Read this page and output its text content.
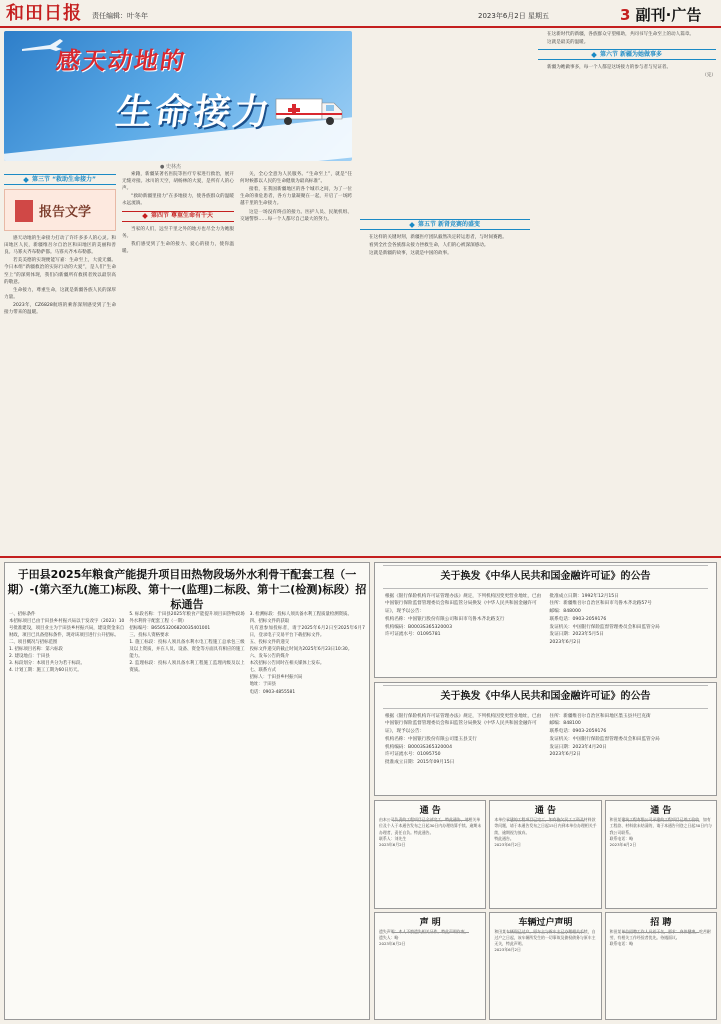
和田日报 责任编辑：叶冬年	2023年6月2日 星期五	3 副刊·广告
感天动地的
生命接力
● 史林杰
第三节 “救助生命接力”
报告文学

感天动地的生命接力打动了许许多多人的心灵。和田地区人民，新疆维吾尔自治区和田地区的美丽和善良。马寡夫齐布勒萨都。马寡夫齐木布勒都。

若美美德的实现便能写嘉：生命至上，大爱无疆。今日本组“新疆救治的实际行动的大爱”，是人们“生命至上”的深刻体现，我们向新疆所有救援者致以最崇高的敬意。

生命接力，尊重生命，这就是新疆各族人民的深厚力量。

2023年，CZ6828航班的乘客深刻感受到了生命接力带来的温暖。

索籍，新疆某著名医院等医疗专家进行救治，展开无缝对接。冰川的天空，胡杨林的大爱，是所有人的心声。

“救助新疆里接力”在多地接力，使各族群众的温暖永远流淌。

第四节 尊重生命有千天

当家的人们，远至千里之外的地方也尽全力为她服务。

我们感受到了生命的接力、爱心的接力，使你温暖。

关，全心全意为人民服务。“生命至上”，就是“任何时候都以人民的生命健康为最高标准”。

接着，在我国新疆地区的各个城市之间，为了一位生命的垂危患者，各方力量凝聚在一起，开启了一场跨越千里的生命接力。

这是一场没有终点的接力。医护人员、民航机组、交通警察……每一个人都尽自己最大的努力。

第五节 新肾竞赛的盛变

在这样的关键时刻，新疆医疗团队毅然决定转运患者，与时间赛跑。

看到全社会各族群众接力拯救生命，人们的心被深深感动。

这就是新疆的故事，这就是中国的故事。

在这新时代的新疆，各族群众守望相助，共同书写生命至上的动人篇章。

这就是最美的温暖。

第六节 新疆为她做事多

新疆为她做事多，每一个人都是这场接力的参与者与见证者。

（完）

于田县2025年粮食产能提升项目田热物段场外水利骨干配套工程（一期）-(第六至九(施工)标段、第十一(监理)二标段、第十二(检测)标段）招标通告
一、招标条件
本招标项目已由于田县乡村振兴局以于发改字（2023）10号批准建设，项目业主为于田县乡村振兴局，建设资金来自财政，项目已具备招标条件，现对该项目进行公开招标。
二、项目概况与招标范围
1. 招标项目名称：第六标段
2. 建设地点：于田县
3. 标段划分：本项目共分为若干标段。
4. 计划工期：施工工期为60日历天。
5. 标段名称：于田县2025年粮食产能提升项目田热物段场外水利骨干配套工程（一期）
招标编号：B65053206820035401001
三、投标人资格要求
1. 施工标段：投标人须具备水利水电工程施工总承包三级及以上资质，并在人员、设备、资金等方面具有相应的施工能力。
2. 监理标段：投标人须具备水利工程施工监理丙级及以上资质。
3. 检测标段：投标人须具备水利工程质量检测资质。
四、招标文件的获取
凡有意参加投标者，请于2025年6月2日至2025年6月7日，登录电子交易平台下载招标文件。
五、投标文件的递交
投标文件递交的截止时间为2025年6月23日10:30。
六、发布公告的媒介
本次招标公告同时在相关媒体上发布。
七、联系方式
招标人：于田县乡村振兴局
地址：于田县
电话：0903-4855581
关于换发《中华人民共和国金融许可证》的公告
根据《银行保险机构许可证管理办法》规定，下列机构因变更营业地址，已由中国银行保险监督管理委员会和田监管分局换发《中华人民共和国金融许可证》，现予以公告：
机构名称：中国银行股份有限公司和田市乌鲁木齐北路支行
机构编码：B0003S365320003
许可证流水号：01095781
批准成立日期：1992年12月15日
住所：新疆维吾尔自治区和田市乌鲁木齐北路57号
邮编：848000
联系电话：0903-2059176
发证机关：中国银行保险监督管理委员会和田监管分局
发证日期：2023年5月5日
2023年6月2日
关于换发《中华人民共和国金融许可证》的公告
根据《银行保险机构许可证管理办法》规定，下列机构因变更营业地址，已由中国银行保险监督管理委员会和田监管分局换发《中华人民共和国金融许可证》，现予以公告：
机构名称：中国银行股份有限公司墨玉县支行
机构编码：B0003S365320004
许可证流水号：01095750
批准成立日期：2015年09月15日
住所：新疆维吾尔自治区和田地区墨玉县共巴克街
邮编：848100
联系电话：0903-2059176
发证机关：中国银行保险监督管理委员会和田监管分局
发证日期：2023年4月20日
2023年6月2日
通 告
由本公司负责的工程项目已全部完工，特此通告，请相关单位及个人于本通告发布之日起30日内办理结算手续。逾期未办理者，责任自负。特此通告。
联系人：刘先生
2023年6月2日
通 告
本单位承建的工程项目已完工，如有拖欠民工工资及材料款等问题，请于本通告发布之日起15日内到本单位办理相关手续，逾期视为放弃。
特此通告。
2023年6月2日
通 告
和田某建筑工程有限公司承建的工程项目已竣工验收，如有工程款、材料款未结清的，请于本通告刊登之日起30日内与我公司联系。
联系电话：略
2023年6月2日
声 明
遗失声明：本人不慎遗失相关证件，特此声明作废。
遗失人：略
2023年6月2日
车辆过户声明
和田某车辆现已过户，原车主与新车主已办理相关手续，自过户之日起，该车辆所发生的一切事故及债权债务与原车主无关，特此声明。
2023年6月2日
招 聘
和田某单位招聘工作人员若干名，要求：身体健康，吃苦耐劳，有相关工作经验者优先。待遇面议。
联系电话：略
